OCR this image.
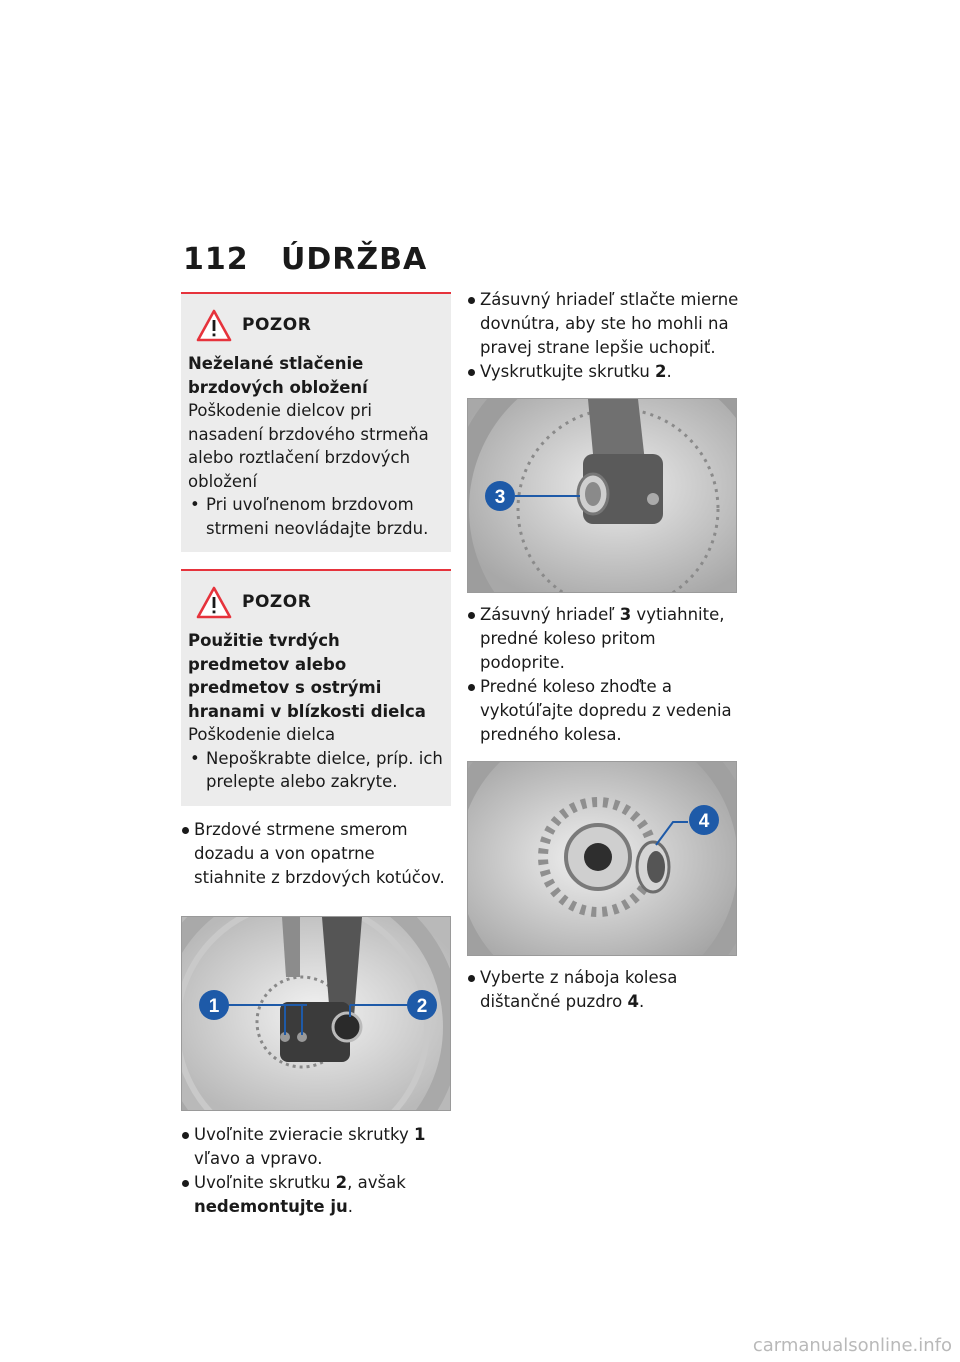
112 ÚDRŽBA
POZOR
Neželané stlačenie brzdových obložení
Poškodenie dielcov pri nasadení brzdového strmeňa alebo roztlačení brzdových obložení
• Pri uvoľnenom brzdovom strmeni neovládajte brzdu.
POZOR
Použitie tvrdých predmetov alebo predmetov s ostrými hranami v blízkosti dielca
Poškodenie dielca
• Nepoškrabte dielce, príp. ich prelepte alebo zakryte.
Brzdové strmene smerom dozadu a von opatrne stiahnite z brzdových kotúčov.
1	2
Uvoľnite zvieracie skrutky 1 vľavo a vpravo.
Uvoľnite skrutku 2, avšak nedemontujte ju.
Zásuvný hriadeľ stlačte mierne dovnútra, aby ste ho mohli na pravej strane lepšie uchopiť.
Vyskrutkujte skrutku 2.
3
Zásuvný hriadeľ 3 vytiahnite, predné koleso pritom podoprite.
Predné koleso zhoďte a vykotúľajte dopredu z vedenia predného kolesa.
4
Vyberte z náboja kolesa dištančné puzdro 4.
carmanualsonline.info
